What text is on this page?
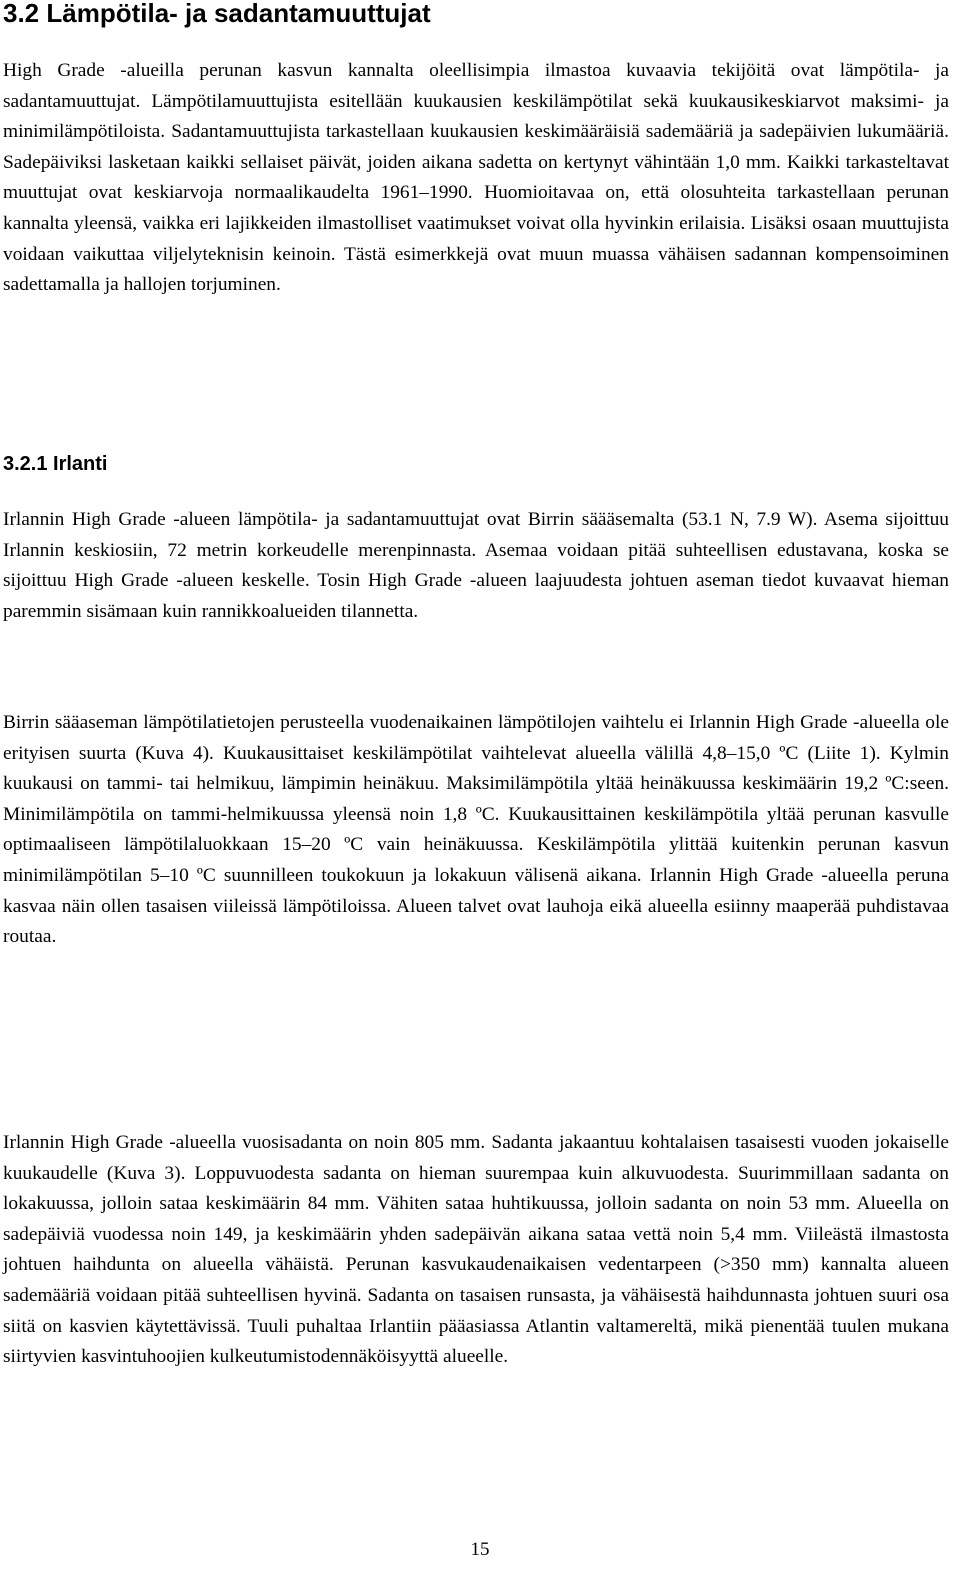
3.2 Lämpötila- ja sadantamuuttujat

High Grade -alueilla perunan kasvun kannalta oleellisimpia ilmastoa kuvaavia tekijöitä ovat lämpötila- ja sadantamuuttujat. Lämpötilamuuttujista esitellään kuukausien keskilämpötilat sekä kuukausikeskiarvot maksimi- ja minimilämpötiloista. Sadantamuuttujista tarkastellaan kuukausien keskimääräisiä sademääriä ja sadepäivien lukumääriä. Sadepäiviksi lasketaan kaikki sellaiset päivät, joiden aikana sadetta on kertynyt vähintään 1,0 mm. Kaikki tarkasteltavat muuttujat ovat keskiarvoja normaalikaudelta 1961–1990. Huomioitavaa on, että olosuhteita tarkastellaan perunan kannalta yleensä, vaikka eri lajikkeiden ilmastolliset vaatimukset voivat olla hyvinkin erilaisia. Lisäksi osaan muuttujista voidaan vaikuttaa viljelyteknisin keinoin. Tästä esimerkkejä ovat muun muassa vähäisen sadannan kompensoiminen sadettamalla ja hallojen torjuminen.

3.2.1 Irlanti

Irlannin High Grade -alueen lämpötila- ja sadantamuuttujat ovat Birrin säääsemalta (53.1 N, 7.9 W). Asema sijoittuu Irlannin keskiosiin, 72 metrin korkeudelle merenpinnasta. Asemaa voidaan pitää suhteellisen edustavana, koska se sijoittuu High Grade -alueen keskelle. Tosin High Grade -alueen laajuudesta johtuen aseman tiedot kuvaavat hieman paremmin sisämaan kuin rannikkoalueiden tilannetta.

Birrin sääaseman lämpötilatietojen perusteella vuodenaikainen lämpötilojen vaihtelu ei Irlannin High Grade -alueella ole erityisen suurta (Kuva 4). Kuukausittaiset keskilämpötilat vaihtelevat alueella välillä 4,8–15,0 ºC (Liite 1). Kylmin kuukausi on tammi- tai helmikuu, lämpimin heinäkuu. Maksimilämpötila yltää heinäkuussa keskimäärin 19,2 ºC:seen. Minimilämpötila on tammi-helmikuussa yleensä noin 1,8 ºC. Kuukausittainen keskilämpötila yltää perunan kasvulle optimaaliseen lämpötilaluokkaan 15–20 ºC vain heinäkuussa. Keskilämpötila ylittää kuitenkin perunan kasvun minimilämpötilan 5–10 ºC suunnilleen toukokuun ja lokakuun välisenä aikana. Irlannin High Grade -alueella peruna kasvaa näin ollen tasaisen viileissä lämpötiloissa. Alueen talvet ovat lauhoja eikä alueella esiinny maaperää puhdistavaa routaa.

Irlannin High Grade -alueella vuosisadanta on noin 805 mm. Sadanta jakaantuu kohtalaisen tasaisesti vuoden jokaiselle kuukaudelle (Kuva 3). Loppuvuodesta sadanta on hieman suurempaa kuin alkuvuodesta. Suurimmillaan sadanta on lokakuussa, jolloin sataa keskimäärin 84 mm. Vähiten sataa huhtikuussa, jolloin sadanta on noin 53 mm. Alueella on sadepäiviä vuodessa noin 149, ja keskimäärin yhden sadepäivän aikana sataa vettä noin 5,4 mm. Viileästä ilmastosta johtuen haihdunta on alueella vähäistä. Perunan kasvukaudenaikaisen vedentarpeen (>350 mm) kannalta alueen sademääriä voidaan pitää suhteellisen hyvinä. Sadanta on tasaisen runsasta, ja vähäisestä haihdunnasta johtuen suuri osa siitä on kasvien käytettävissä. Tuuli puhaltaa Irlantiin pääasiassa Atlantin valtamereltä, mikä pienentää tuulen mukana siirtyvien kasvintuhoojien kulkeutumistodennäköisyyttä alueelle.

15
